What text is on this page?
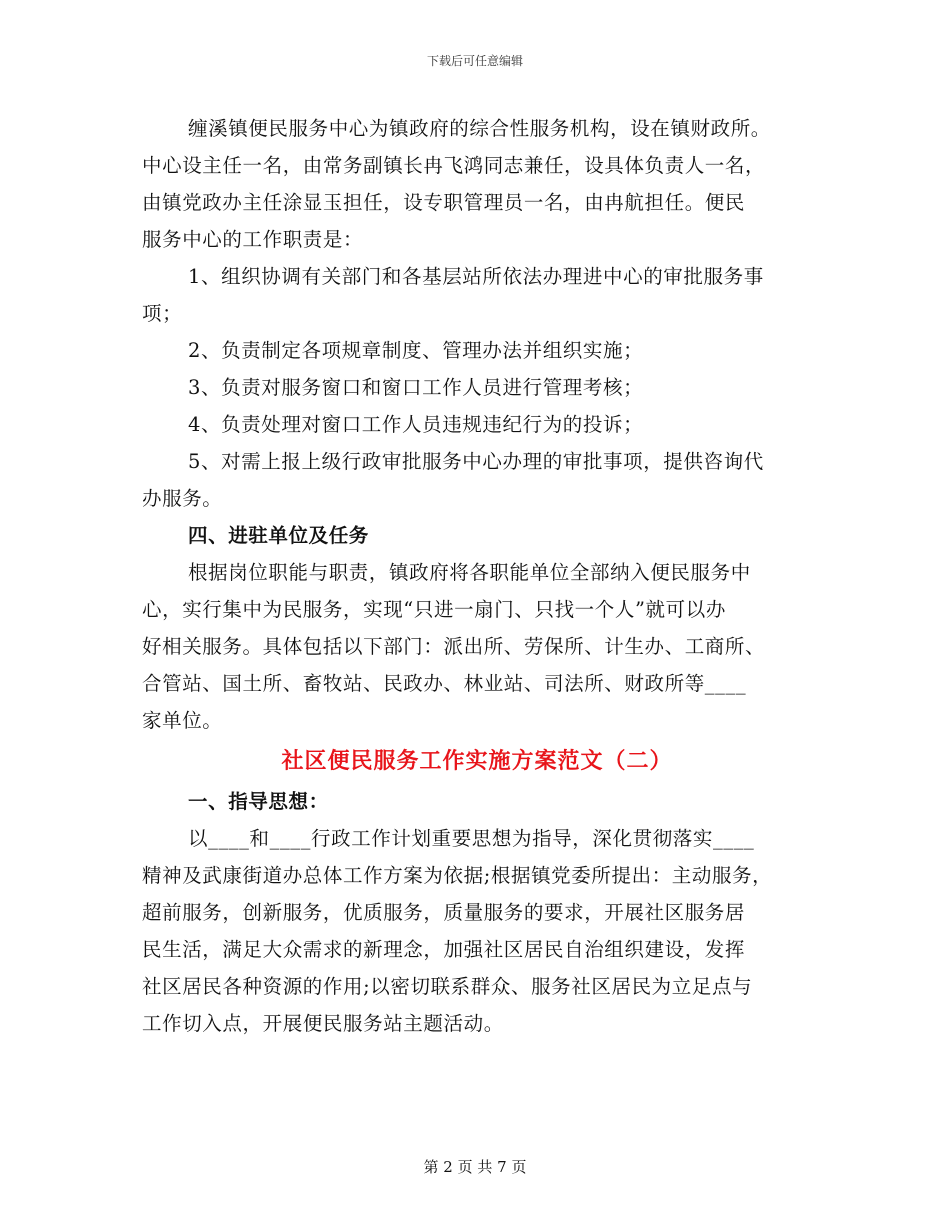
下载后可任意编辑
缠溪镇便民服务中心为镇政府的综合性服务机构，设在镇财政所。
中心设主任一名，由常务副镇长冉飞鸿同志兼任，设具体负责人一名，
由镇党政办主任涂显玉担任，设专职管理员一名，由冉航担任。便民
服务中心的工作职责是：
1、组织协调有关部门和各基层站所依法办理进中心的审批服务事
项；
2、负责制定各项规章制度、管理办法并组织实施；
3、负责对服务窗口和窗口工作人员进行管理考核；
4、负责处理对窗口工作人员违规违纪行为的投诉；
5、对需上报上级行政审批服务中心办理的审批事项，提供咨询代
办服务。
四、进驻单位及任务
根据岗位职能与职责，镇政府将各职能单位全部纳入便民服务中
心，实行集中为民服务，实现“只进一扇门、只找一个人”就可以办
好相关服务。具体包括以下部门：派出所、劳保所、计生办、工商所、
合管站、国土所、畜牧站、民政办、林业站、司法所、财政所等____
家单位。
社区便民服务工作实施方案范文（二）
一、指导思想：
以____和____行政工作计划重要思想为指导，深化贯彻落实____
精神及武康街道办总体工作方案为依据;根据镇党委所提出：主动服务，
超前服务，创新服务，优质服务，质量服务的要求，开展社区服务居
民生活，满足大众需求的新理念，加强社区居民自治组织建设，发挥
社区居民各种资源的作用;以密切联系群众、服务社区居民为立足点与
工作切入点，开展便民服务站主题活动。
第 2 页 共 7 页
